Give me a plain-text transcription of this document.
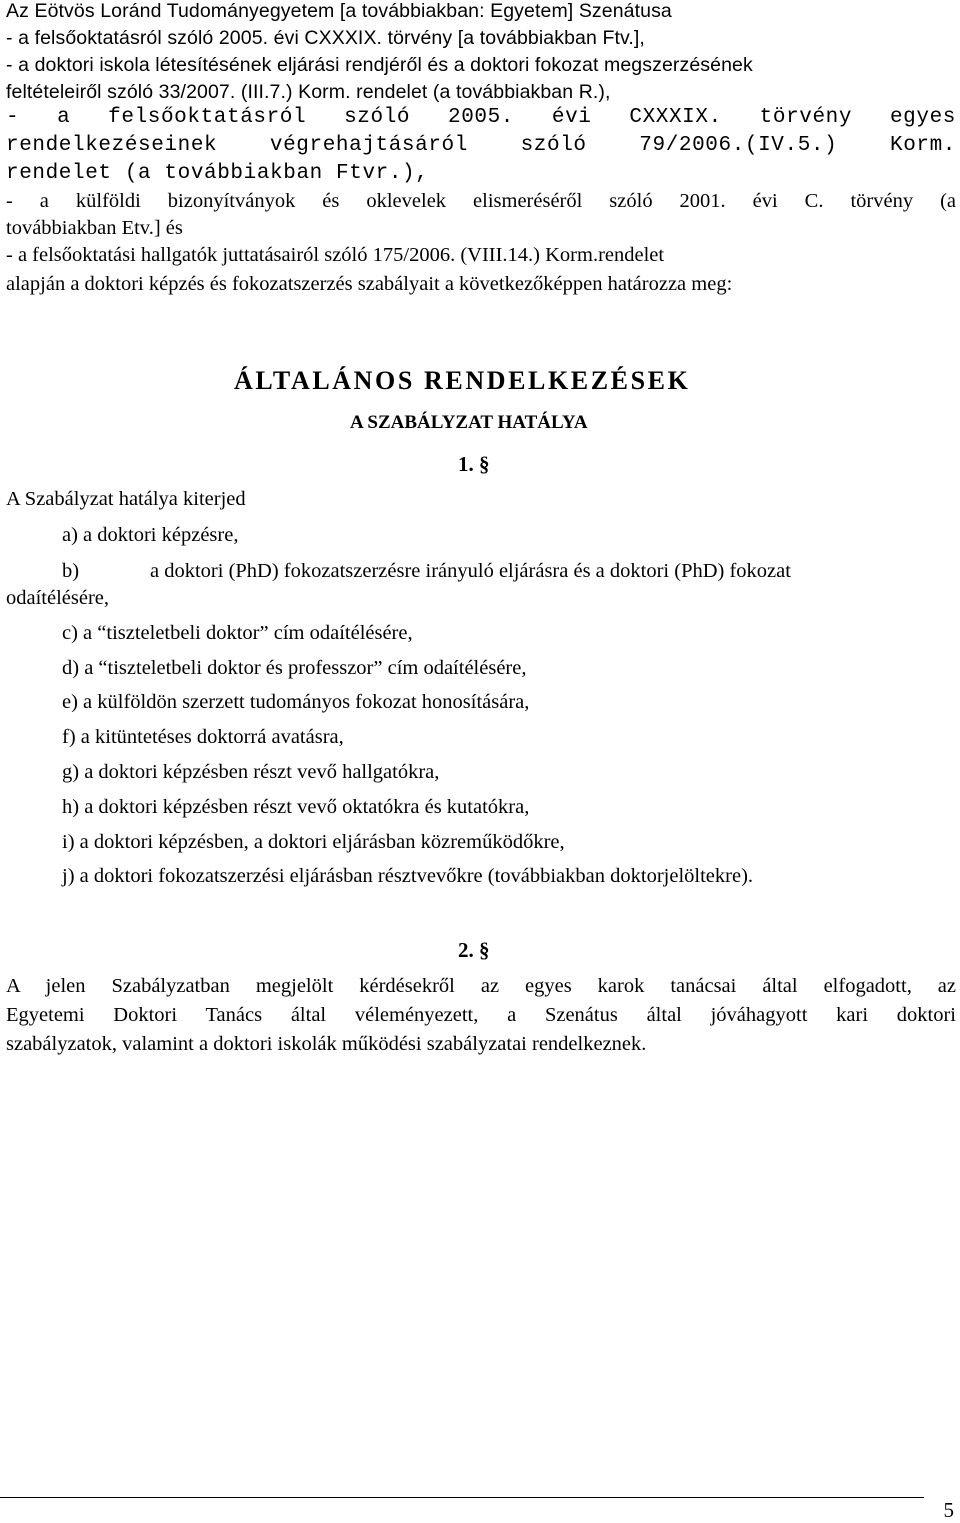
Az Eötvös Loránd Tudományegyetem [a továbbiakban: Egyetem] Szenátusa
- a felsőoktatásról szóló 2005. évi CXXXIX. törvény [a továbbiakban Ftv.],
- a doktori iskola létesítésének eljárási rendjéről és a doktori fokozat megszerzésének
feltételeiről szóló 33/2007. (III.7.) Korm. rendelet (a továbbiakban R.),
- a felsőoktatásról szóló 2005. évi CXXXIX. törvény egyes
rendelkezéseinek végrehajtásáról szóló 79/2006.(IV.5.) Korm.
rendelet (a továbbiakban Ftvr.),
- a külföldi bizonyítványok és oklevelek elismeréséről szóló 2001. évi C. törvény (a
továbbiakban Etv.] és
- a felsőoktatási hallgatók juttatásairól szóló 175/2006. (VIII.14.) Korm.rendelet
alapján a doktori képzés és fokozatszerzés szabályait a következőképpen határozza meg:
ÁLTALÁNOS RENDELKEZÉSEK
A SZABÁLYZAT HATÁLYA
1. §
A Szabályzat hatálya kiterjed
a) a doktori képzésre,
b)	a doktori (PhD) fokozatszerzésre irányuló eljárásra és a doktori (PhD) fokozat
odaítélésére,
c) a “tiszteletbeli doktor” cím odaítélésére,
d) a “tiszteletbeli doktor és professzor” cím odaítélésére,
e) a külföldön szerzett tudományos fokozat honosítására,
f) a kitüntetéses doktorrá avatásra,
g) a doktori képzésben részt vevő hallgatókra,
h) a doktori képzésben részt vevő oktatókra és kutatókra,
i) a doktori képzésben, a doktori eljárásban közreműködőkre,
j) a doktori fokozatszerzési eljárásban résztvevőkre (továbbiakban doktorjelöltekre).
2. §
A jelen Szabályzatban megjelölt kérdésekről az egyes karok tanácsai által elfogadott, az
Egyetemi Doktori Tanács által véleményezett, a Szenátus által jóváhagyott kari doktori
szabályzatok, valamint a doktori iskolák működési szabályzatai rendelkeznek.
5
